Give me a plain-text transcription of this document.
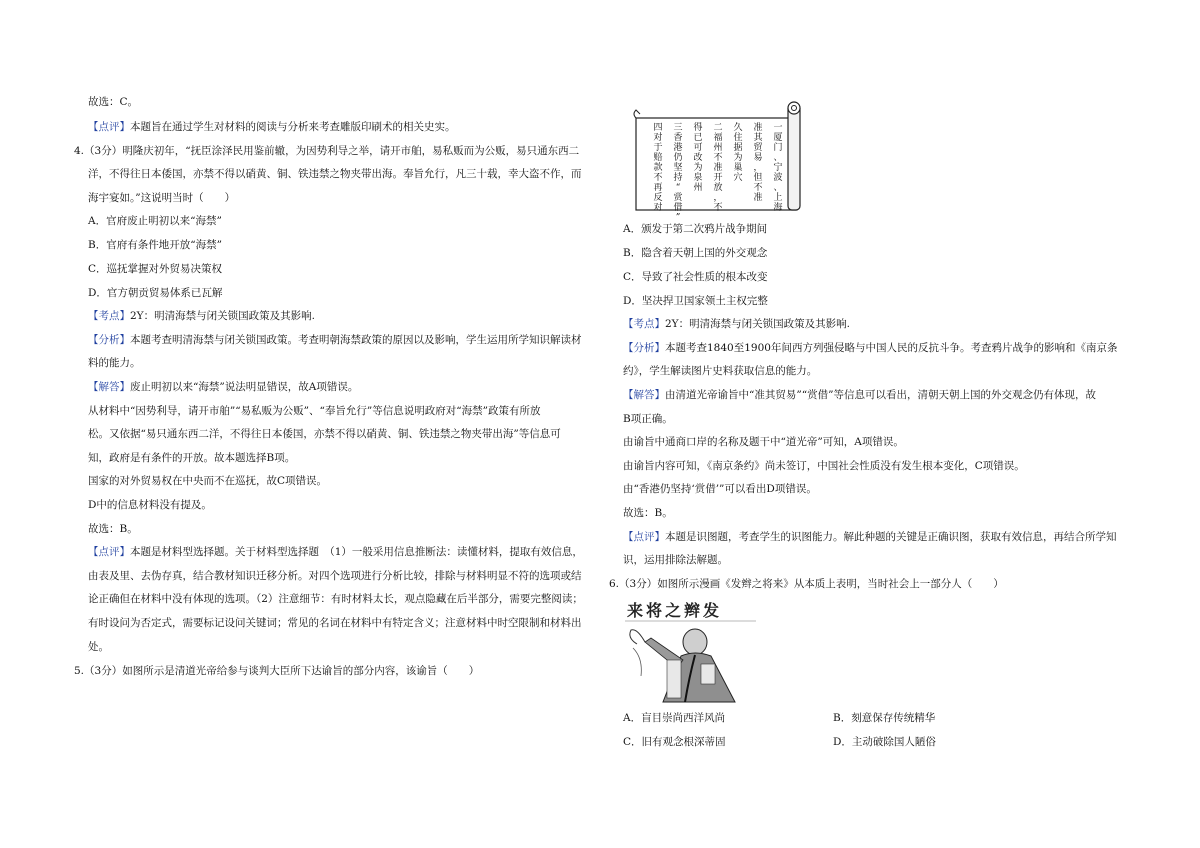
故选：C。
【点评】本题旨在通过学生对材料的阅读与分析来考查雕版印刷术的相关史实。
4.（3分）明隆庆初年，“抚臣涂泽民用鉴前辙，为因势利导之举，请开市舶，易私贩而为公贩，易只通东西二
洋，不得往日本倭国，亦禁不得以硝黄、铜、铁违禁之物夹带出海。奉旨允行，凡三十载，幸大盗不作，而
海宇宴如。”这说明当时（　　）
A．官府废止明初以来“海禁”
B．官府有条件地开放“海禁”
C．巡抚掌握对外贸易决策权
D．官方朝贡贸易体系已瓦解
【考点】2Y：明清海禁与闭关锁国政策及其影响.
【分析】本题考查明清海禁与闭关锁国政策。考查明朝海禁政策的原因以及影响，学生运用所学知识解读材
料的能力。
【解答】废止明初以来“海禁”说法明显错误，故A项错误。
从材料中“因势利导，请开市舶”“易私贩为公贩”、“奉旨允行”等信息说明政府对“海禁”政策有所放
松。又依据“易只通东西二洋，不得往日本倭国，亦禁不得以硝黄、铜、铁违禁之物夹带出海”等信息可
知，政府是有条件的开放。故本题选择B项。
国家的对外贸易权在中央而不在巡抚，故C项错误。
D中的信息材料没有提及。
故选：B。
【点评】本题是材料型选择题。关于材料型选择题　（1）一般采用信息推断法：读懂材料，提取有效信息，
由表及里、去伪存真，结合教材知识迁移分析。对四个选项进行分析比较，排除与材料明显不符的选项或结
论正确但在材料中没有体现的选项。（2）注意细节：有时材料太长，观点隐藏在后半部分，需要完整阅读；
有时设问为否定式，需要标记设问关键词；常见的名词在材料中有特定含义；注意材料中时空限制和材料出
处。
5.（3分）如图所示是清道光帝给参与谈判大臣所下达谕旨的部分内容，该谕旨（　　）
一厦门、宁波、上海
准其贸易，但不准
久住据为巢穴
二福州不准开放，不
得已可改为泉州
三香港仍坚持“赏借”
四对于赔款不再反对
A．颁发于第二次鸦片战争期间
B．隐含着天朝上国的外交观念
C．导致了社会性质的根本改变
D．坚决捍卫国家领土主权完整
【考点】2Y：明清海禁与闭关锁国政策及其影响.
【分析】本题考查1840至1900年间西方列强侵略与中国人民的反抗斗争。考查鸦片战争的影响和《南京条
约》，学生解读图片史料获取信息的能力。
【解答】由清道光帝谕旨中“准其贸易”“赏借”等信息可以看出，清朝天朝上国的外交观念仍有体现，故
B项正确。
由谕旨中通商口岸的名称及题干中“道光帝”可知，A项错误。
由谕旨内容可知，《南京条约》尚未签订，中国社会性质没有发生根本变化，C项错误。
由“香港仍坚持‘赏借’”可以看出D项错误。
故选：B。
【点评】本题是识图题，考查学生的识图能力。解此种题的关键是正确识图，获取有效信息，再结合所学知
识，运用排除法解题。
6.（3分）如图所示漫画《发辫之将来》从本质上表明，当时社会上一部分人（　　）
A．盲目崇尚西洋风尚	B．刻意保存传统精华
C．旧有观念根深蒂固	D．主动破除国人陋俗
来将之辫发
